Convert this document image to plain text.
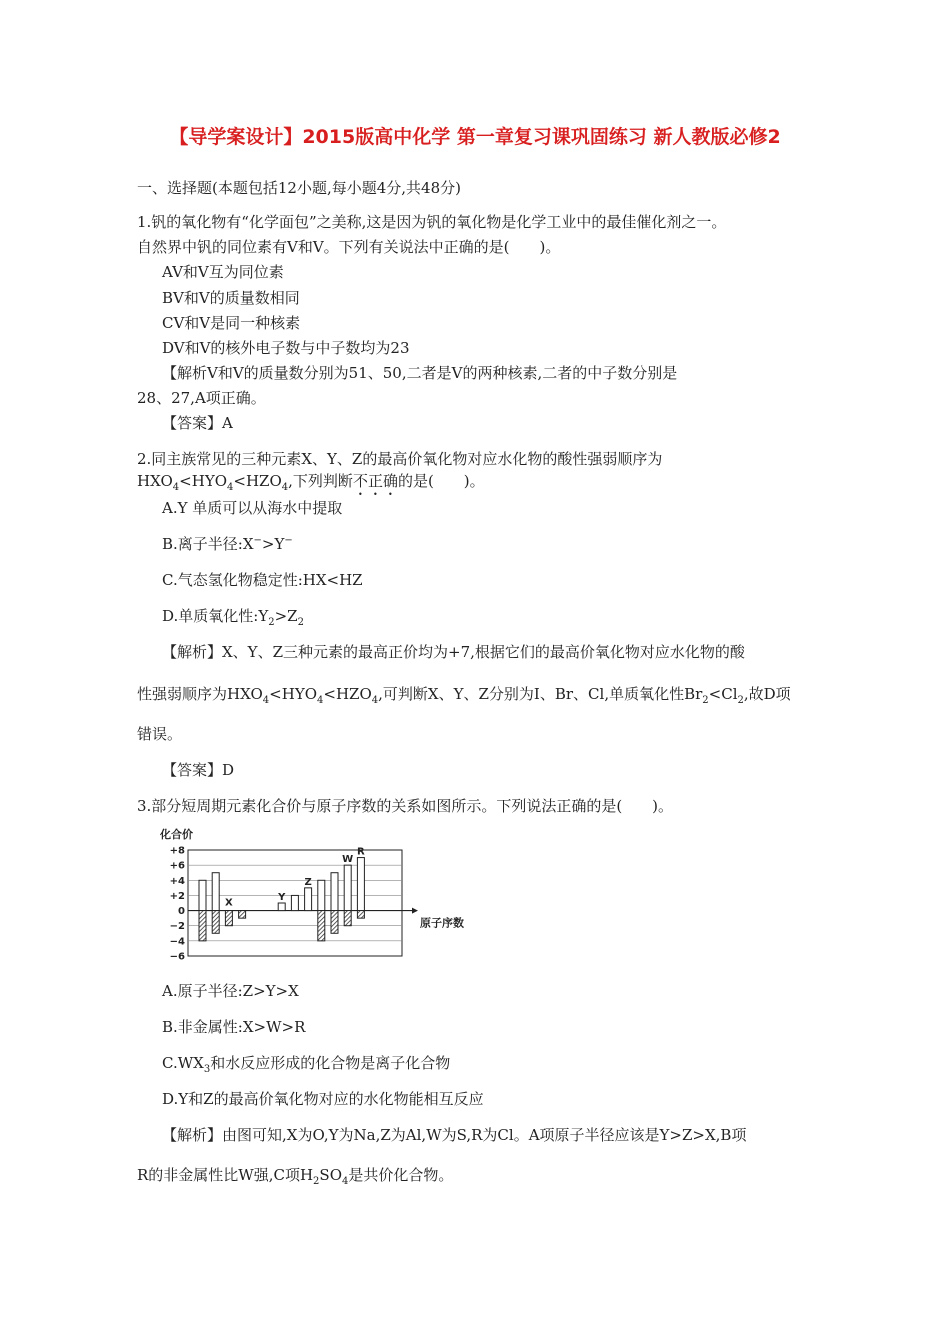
【导学案设计】2015版高中化学 第一章复习课巩固练习 新人教版必修2
一、选择题(本题包括12小题,每小题4分,共48分)
1.钒的氧化物有“化学面包”之美称,这是因为钒的氧化物是化学工业中的最佳催化剂之一。
自然界中钒的同位素有V和V。下列有关说法中正确的是(　　)。
AV和V互为同位素
BV和V的质量数相同
CV和V是同一种核素
DV和V的核外电子数与中子数均为23
【解析V和V的质量数分别为51、50,二者是V的两种核素,二者的中子数分别是
28、27,A项正确。
【答案】A
2.同主族常见的三种元素X、Y、Z的最高价氧化物对应水化物的酸性强弱顺序为
$HXO_4<HYO_4<HZO_4$,下列判断不正确的是(　　)。
A.Y 单质可以从海水中提取
B.离子半径:X−>Y−
C.气态氢化物稳定性:HX<HZ
D.单质氧化性$:Y_2>Z_2$
【解析】X、Y、Z三种元素的最高正价均为+7,根据它们的最高价氧化物对应水化物的酸
性强弱顺序为$HXO_4<HYO_4<HZO_4$,可判断X、Y、Z分别为I、Br、Cl,单质氧化性$Br_2<Cl_2$,故D项
错误。
【答案】D
3.部分短周期元素化合价与原子序数的关系如图所示。下列说法正确的是(　　)。
+8
+6
+4
+2
0
−2
−4
−6
化合价
原子序数
X
Y
Z
W
R
A.原子半径:Z>Y>X
B.非金属性:X>W>R
$C.WX_3$和水反应形成的化合物是离子化合物
D.Y和Z的最高价氧化物对应的水化物能相互反应
【解析】由图可知,X为O,Y为Na,Z为Al,W为S,R为Cl。A项原子半径应该是Y>Z>X,B项
R的非金属性比W强,C项$H_2SO_4$是共价化合物。
